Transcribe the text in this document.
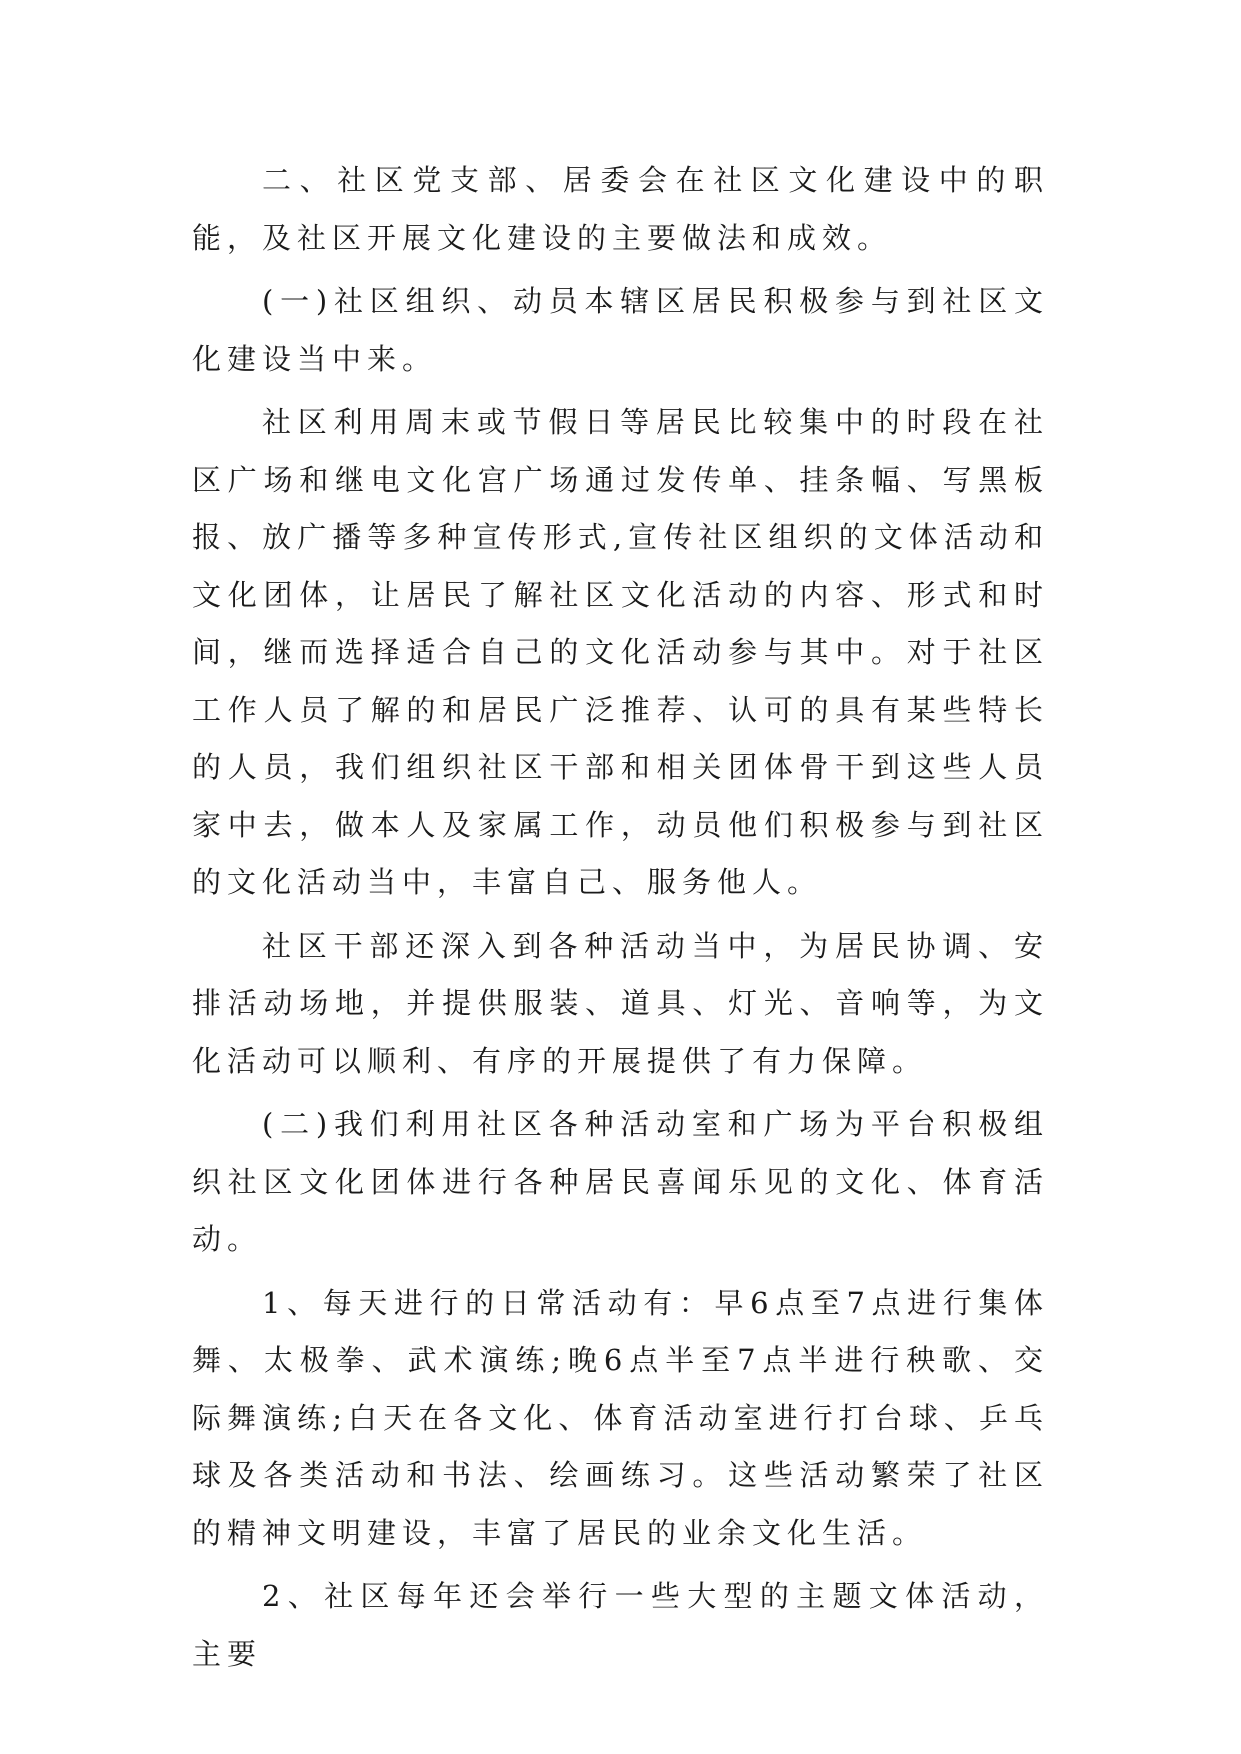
二、社区党支部、居委会在社区文化建设中的职能，及社区开展文化建设的主要做法和成效。

(一)社区组织、动员本辖区居民积极参与到社区文化建设当中来。

社区利用周末或节假日等居民比较集中的时段在社区广场和继电文化宫广场通过发传单、挂条幅、写黑板报、放广播等多种宣传形式,宣传社区组织的文体活动和文化团体，让居民了解社区文化活动的内容、形式和时间，继而选择适合自己的文化活动参与其中。对于社区工作人员了解的和居民广泛推荐、认可的具有某些特长的人员，我们组织社区干部和相关团体骨干到这些人员家中去，做本人及家属工作，动员他们积极参与到社区的文化活动当中，丰富自己、服务他人。

社区干部还深入到各种活动当中，为居民协调、安排活动场地，并提供服装、道具、灯光、音响等，为文化活动可以顺利、有序的开展提供了有力保障。

(二)我们利用社区各种活动室和广场为平台积极组织社区文化团体进行各种居民喜闻乐见的文化、体育活动。

1、每天进行的日常活动有：早6点至7点进行集体舞、太极拳、武术演练;晚6点半至7点半进行秧歌、交际舞演练;白天在各文化、体育活动室进行打台球、乒乓球及各类活动和书法、绘画练习。这些活动繁荣了社区的精神文明建设，丰富了居民的业余文化生活。

2、社区每年还会举行一些大型的主题文体活动，主要
